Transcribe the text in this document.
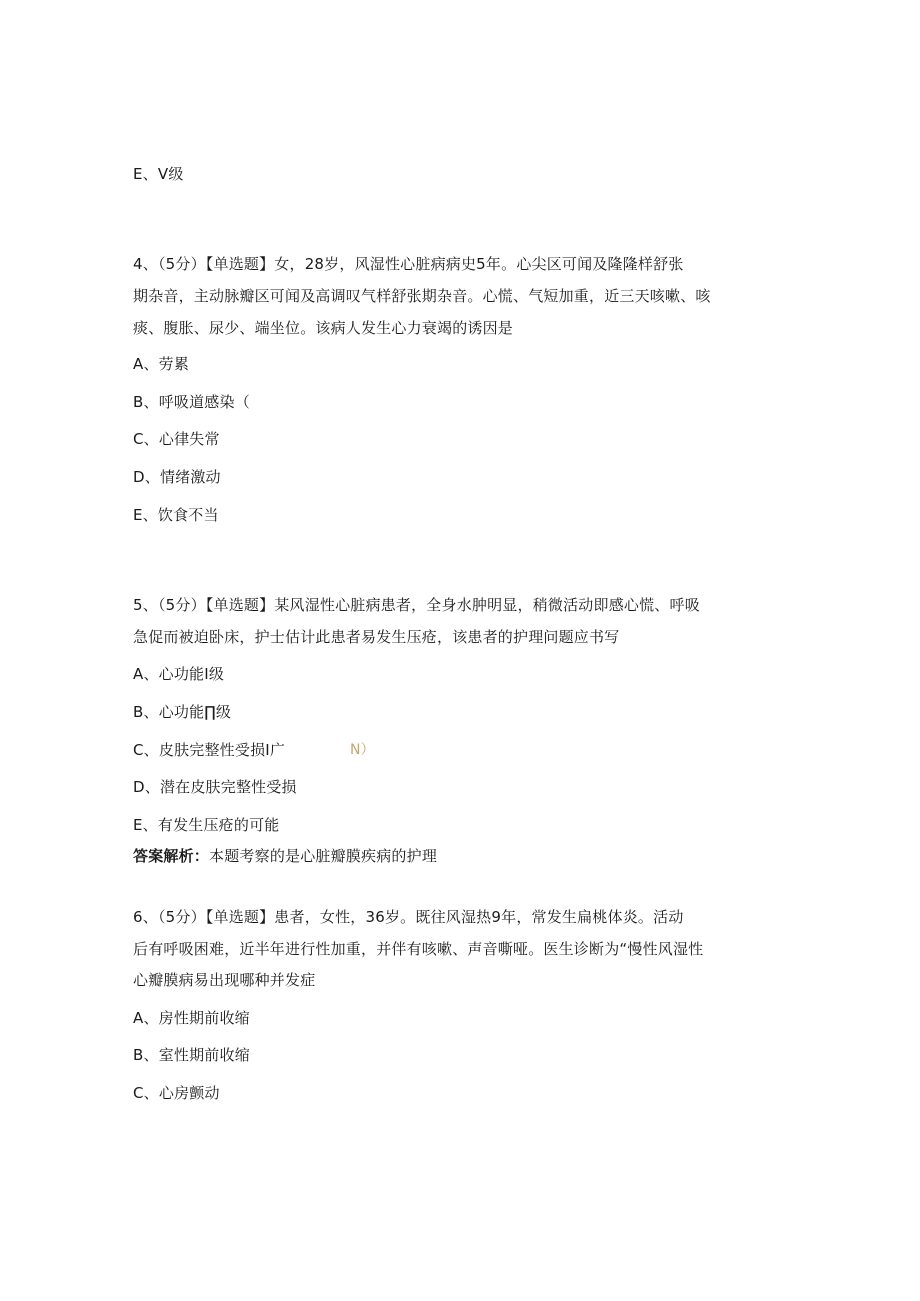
E、V级
4、（5分）【单选题】女，28岁，风湿性心脏病病史5年。心尖区可闻及隆隆样舒张
期杂音，主动脉瓣区可闻及高调叹气样舒张期杂音。心慌、气短加重，近三天咳嗽、咳
痰、腹胀、尿少、端坐位。该病人发生心力衰竭的诱因是
A、劳累
B、呼吸道感染（
C、心律失常
D、情绪激动
E、饮食不当
5、（5分）【单选题】某风湿性心脏病患者，全身水肿明显，稍微活动即感心慌、呼吸
急促而被迫卧床，护士估计此患者易发生压疮，该患者的护理问题应书写
A、心功能I级
B、心功能∏级
C、皮肤完整性受损I广	N）
D、潜在皮肤完整性受损
E、有发生压疮的可能
答案解析：本题考察的是心脏瓣膜疾病的护理
6、（5分）【单选题】患者，女性，36岁。既往风湿热9年，常发生扁桃体炎。活动
后有呼吸困难，近半年进行性加重，并伴有咳嗽、声音嘶哑。医生诊断为“慢性风湿性
心瓣膜病易出现哪种并发症
A、房性期前收缩
B、室性期前收缩
C、心房颤动
